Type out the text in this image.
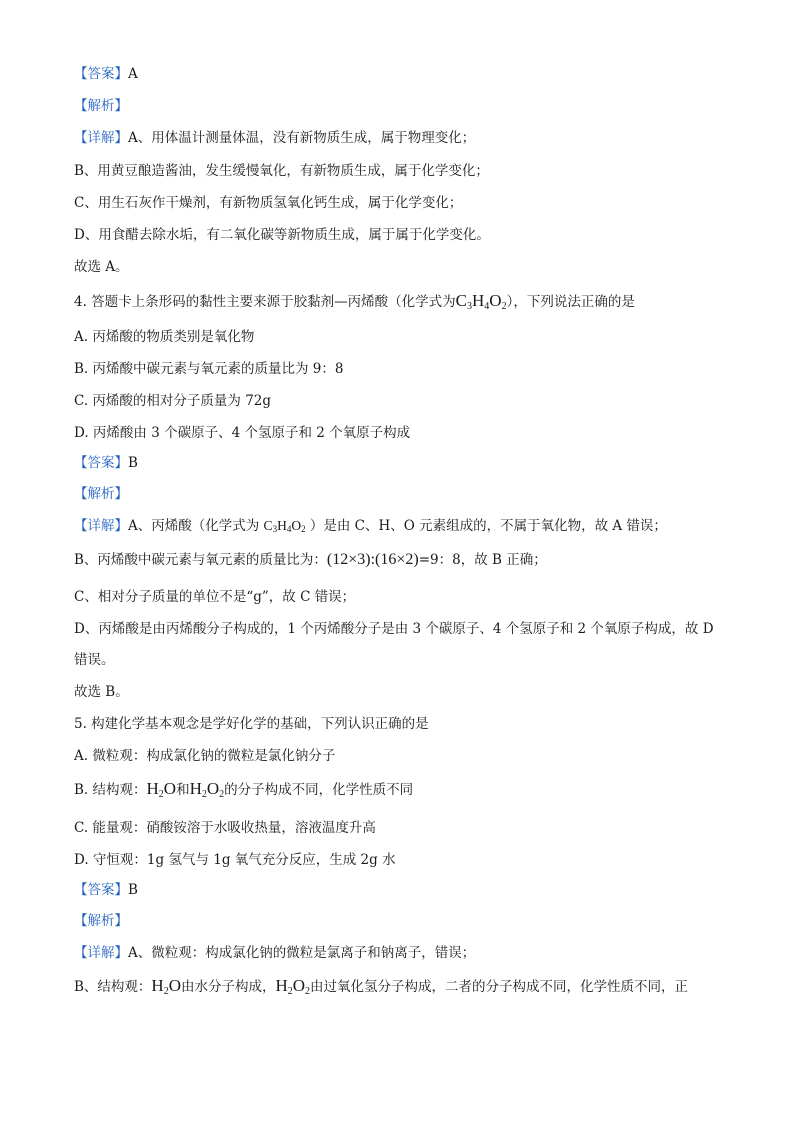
【答案】A
【解析】
【详解】A、用体温计测量体温，没有新物质生成，属于物理变化；
B、用黄豆酿造酱油，发生缓慢氧化，有新物质生成，属于化学变化；
C、用生石灰作干燥剂，有新物质氢氧化钙生成，属于化学变化；
D、用食醋去除水垢，有二氧化碳等新物质生成，属于属于化学变化。
故选 A。
4. 答题卡上条形码的黏性主要来源于胶黏剂—丙烯酸（化学式为$C_3H_4O_2$），下列说法正确的是
A. 丙烯酸的物质类别是氧化物
B. 丙烯酸中碳元素与氧元素的质量比为 9：8
C. 丙烯酸的相对分子质量为 72g
D. 丙烯酸由 3 个碳原子、4 个氢原子和 2 个氧原子构成
【答案】B
【解析】
【详解】A、丙烯酸（化学式为 $C_3H_4O_2$ ）是由 C、H、O 元素组成的，不属于氧化物，故 A 错误；
B、丙烯酸中碳元素与氧元素的质量比为：(12×3):(16×2)=9：8，故 B 正确；
C、相对分子质量的单位不是“g”，故 C 错误；
D、丙烯酸是由丙烯酸分子构成的，1 个丙烯酸分子是由 3 个碳原子、4 个氢原子和 2 个氧原子构成，故 D
错误。
故选 B。
5. 构建化学基本观念是学好化学的基础，下列认识正确的是
A. 微粒观：构成氯化钠的微粒是氯化钠分子
B. 结构观：$H_2O$和$H_2O_2$的分子构成不同，化学性质不同
C. 能量观：硝酸铵溶于水吸收热量，溶液温度升高
D. 守恒观：1g 氢气与 1g 氧气充分反应，生成 2g 水
【答案】B
【解析】
【详解】A、微粒观：构成氯化钠的微粒是氯离子和钠离子，错误；
B、结构观：$H_2O$由水分子构成，$H_2O_2$由过氧化氢分子构成，二者的分子构成不同，化学性质不同，正
